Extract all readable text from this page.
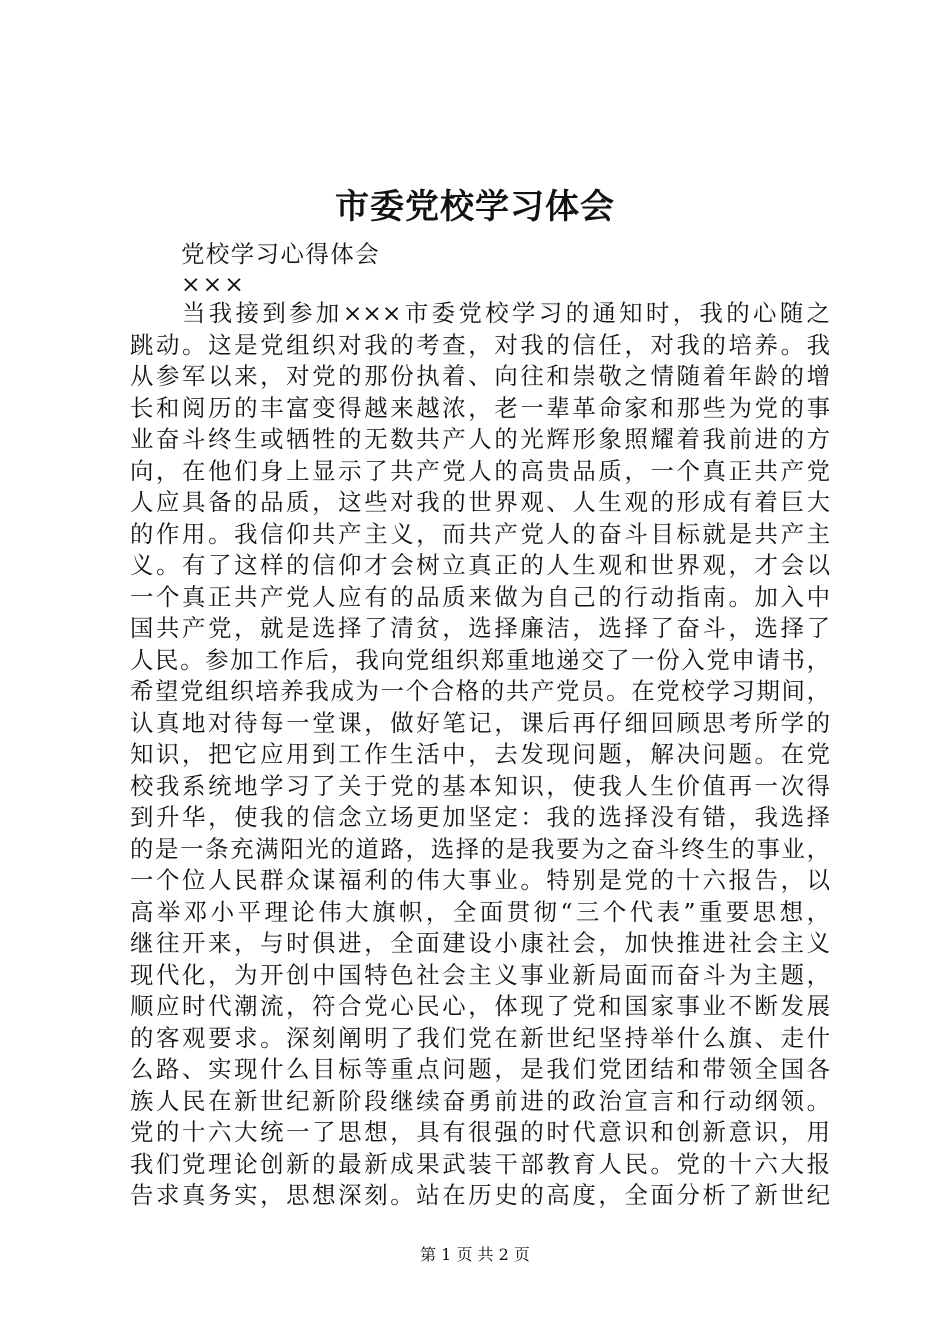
市委党校学习体会

党校学习心得体会

×××

当我接到参加×××市委党校学习的通知时，我的心随之
跳动。这是党组织对我的考查，对我的信任，对我的培养。我
从参军以来，对党的那份执着、向往和崇敬之情随着年龄的增
长和阅历的丰富变得越来越浓，老一辈革命家和那些为党的事
业奋斗终生或牺牲的无数共产人的光辉形象照耀着我前进的方
向，在他们身上显示了共产党人的高贵品质，一个真正共产党
人应具备的品质，这些对我的世界观、人生观的形成有着巨大
的作用。我信仰共产主义，而共产党人的奋斗目标就是共产主
义。有了这样的信仰才会树立真正的人生观和世界观，才会以
一个真正共产党人应有的品质来做为自己的行动指南。加入中
国共产党，就是选择了清贫，选择廉洁，选择了奋斗，选择了
人民。参加工作后，我向党组织郑重地递交了一份入党申请书，
希望党组织培养我成为一个合格的共产党员。在党校学习期间，
认真地对待每一堂课，做好笔记，课后再仔细回顾思考所学的
知识，把它应用到工作生活中，去发现问题，解决问题。在党
校我系统地学习了关于党的基本知识，使我人生价值再一次得
到升华，使我的信念立场更加坚定：我的选择没有错，我选择
的是一条充满阳光的道路，选择的是我要为之奋斗终生的事业，
一个位人民群众谋福利的伟大事业。特别是党的十六报告，以
高举邓小平理论伟大旗帜，全面贯彻“三个代表”重要思想，
继往开来，与时俱进，全面建设小康社会，加快推进社会主义
现代化，为开创中国特色社会主义事业新局面而奋斗为主题，
顺应时代潮流，符合党心民心，体现了党和国家事业不断发展
的客观要求。深刻阐明了我们党在新世纪坚持举什么旗、走什
么路、实现什么目标等重点问题，是我们党团结和带领全国各
族人民在新世纪新阶段继续奋勇前进的政治宣言和行动纲领。
党的十六大统一了思想，具有很强的时代意识和创新意识，用
我们党理论创新的最新成果武装干部教育人民。党的十六大报
告求真务实，思想深刻。站在历史的高度，全面分析了新世纪

第 1 页 共 2 页
